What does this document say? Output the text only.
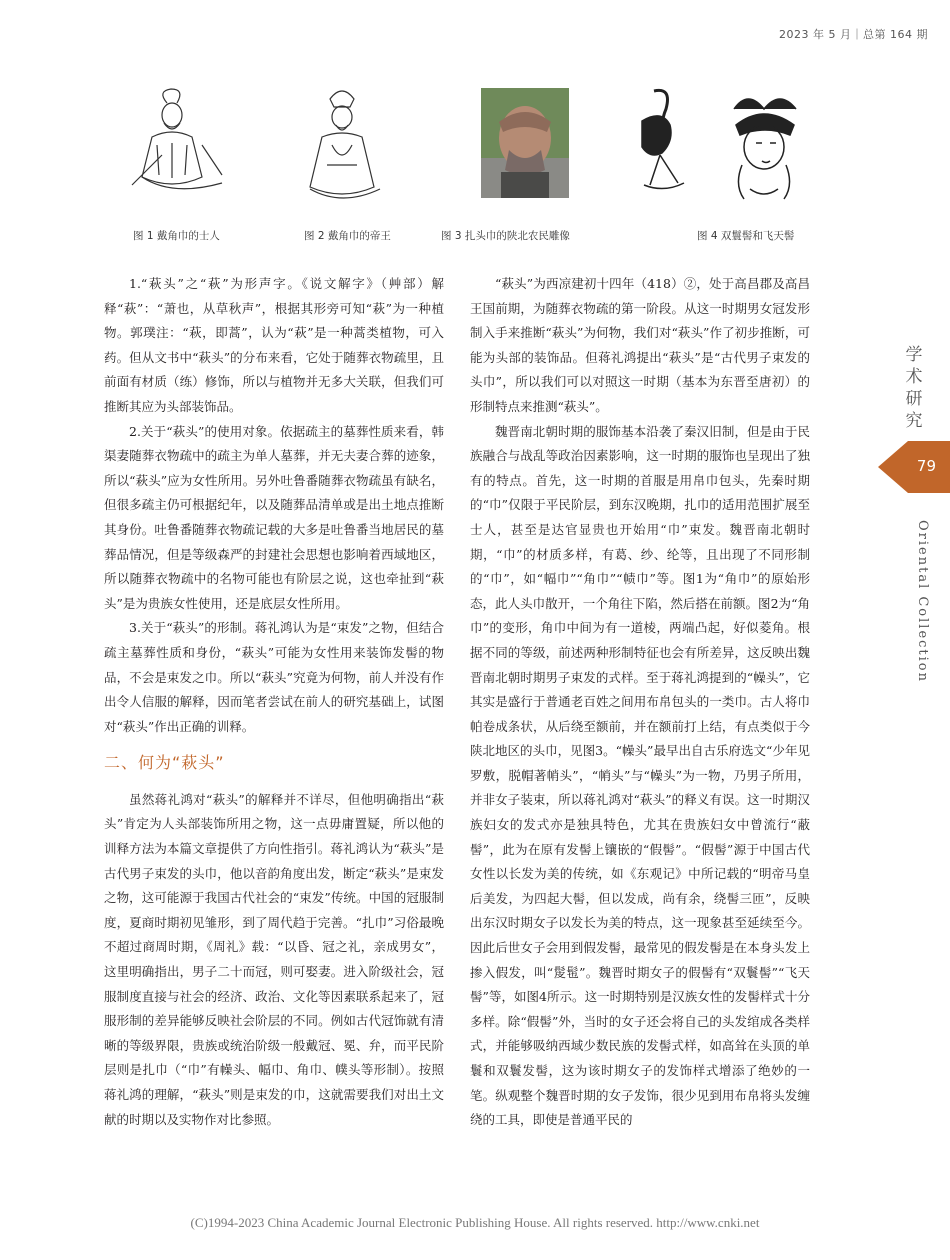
2023 年 5 月｜总第 164 期
图 1 戴角巾的士人	图 2 戴角巾的帝王	图 3 扎头巾的陕北农民雕像	图 4 双鬟髻和飞天髻

1.“萩头”之“萩”为形声字。《说文解字》（艸部）解释“萩”：“萧也，从草秋声”，根据其形旁可知“萩”为一种植物。郭璞注：“萩，即蒿”，认为“萩”是一种蒿类植物，可入药。但从文书中“萩头”的分布来看，它处于随葬衣物疏里，且前面有材质（练）修饰，所以与植物并无多大关联，但我们可推断其应为头部装饰品。

2.关于“萩头”的使用对象。依据疏主的墓葬性质来看，韩渠妻随葬衣物疏中的疏主为单人墓葬，并无夫妻合葬的迹象，所以“萩头”应为女性所用。另外吐鲁番随葬衣物疏虽有缺名，但很多疏主仍可根据纪年，以及随葬品清单或是出土地点推断其身份。吐鲁番随葬衣物疏记载的大多是吐鲁番当地居民的墓葬品情况，但是等级森严的封建社会思想也影响着西域地区，所以随葬衣物疏中的名物可能也有阶层之说，这也牵扯到“萩头”是为贵族女性使用，还是底层女性所用。

3.关于“萩头”的形制。蒋礼鸿认为是“束发”之物，但结合疏主墓葬性质和身份，“萩头”可能为女性用来装饰发髻的物品，不会是束发之巾。所以“萩头”究竟为何物，前人并没有作出令人信服的解释，因而笔者尝试在前人的研究基础上，试图对“萩头”作出正确的训释。

二、何为“萩头”

虽然蒋礼鸿对“萩头”的解释并不详尽，但他明确指出“萩头”肯定为人头部装饰所用之物，这一点毋庸置疑，所以他的训释方法为本篇文章提供了方向性指引。蒋礼鸿认为“萩头”是古代男子束发的头巾，他以音韵角度出发，断定“萩头”是束发之物，这可能源于我国古代社会的“束发”传统。中国的冠服制度，夏商时期初见雏形，到了周代趋于完善。“扎巾”习俗最晚不超过商周时期，《周礼》载：“以昏、冠之礼，亲成男女”，这里明确指出，男子二十而冠，则可娶妻。进入阶级社会，冠服制度直接与社会的经济、政治、文化等因素联系起来了，冠服形制的差异能够反映社会阶层的不同。例如古代冠饰就有清晰的等级界限，贵族或统治阶级一般戴冠、冕、弁，而平民阶层则是扎巾（“巾”有幧头、幅巾、角巾、幞头等形制）。按照蒋礼鸿的理解，“萩头”则是束发的巾，这就需要我们对出土文献的时期以及实物作对比参照。

“萩头”为西凉建初十四年（418）②，处于高昌郡及高昌王国前期，为随葬衣物疏的第一阶段。从这一时期男女冠发形制入手来推断“萩头”为何物，我们对“萩头”作了初步推断，可能为头部的装饰品。但蒋礼鸿提出“萩头”是“古代男子束发的头巾”，所以我们可以对照这一时期（基本为东晋至唐初）的形制特点来推测“萩头”。

魏晋南北朝时期的服饰基本沿袭了秦汉旧制，但是由于民族融合与战乱等政治因素影响，这一时期的服饰也呈现出了独有的特点。首先，这一时期的首服是用帛巾包头，先秦时期的“巾”仅限于平民阶层，到东汉晚期，扎巾的适用范围扩展至士人，甚至是达官显贵也开始用“巾”束发。魏晋南北朝时期，“巾”的材质多样，有葛、纱、纶等，且出现了不同形制的“巾”，如“幅巾”“角巾”“帻巾”等。图1为“角巾”的原始形态，此人头巾散开，一个角往下陷，然后搭在前额。图2为“角巾”的变形，角巾中间为有一道棱，两端凸起，好似菱角。根据不同的等级，前述两种形制特征也会有所差异，这反映出魏晋南北朝时期男子束发的式样。至于蒋礼鸿提到的“幧头”，它其实是盛行于普通老百姓之间用布帛包头的一类巾。古人将巾帕卷成条状，从后绕至额前，并在额前打上结，有点类似于今陕北地区的头巾，见图3。“幧头”最早出自古乐府选文“少年见罗敷，脱帽著帩头”，“帩头”与“幧头”为一物，乃男子所用，并非女子装束，所以蒋礼鸿对“萩头”的释义有误。这一时期汉族妇女的发式亦是独具特色，尤其在贵族妇女中曾流行“蔽髻”，此为在原有发髻上镶嵌的“假髻”。“假髻”源于中国古代女性以长发为美的传统，如《东观记》中所记载的“明帝马皇后美发，为四起大髻，但以发成，尚有余，绕髻三匝”，反映出东汉时期女子以发长为美的特点，这一现象甚至延续至今。因此后世女子会用到假发髻，最常见的假发髻是在本身头发上掺入假发，叫“髲髢”。魏晋时期女子的假髻有“双鬟髻”“飞天髻”等，如图4所示。这一时期特别是汉族女性的发髻样式十分多样。除“假髻”外，当时的女子还会将自己的头发绾成各类样式，并能够吸纳西域少数民族的发髻式样，如高耸在头顶的单鬟和双鬟发髻，这为该时期女子的发饰样式增添了绝妙的一笔。纵观整个魏晋时期的女子发饰，很少见到用布帛将头发缠绕的工具，即使是普通平民的

学术研究
79
Oriental Collection
(C)1994-2023 China Academic Journal Electronic Publishing House. All rights reserved. http://www.cnki.net
